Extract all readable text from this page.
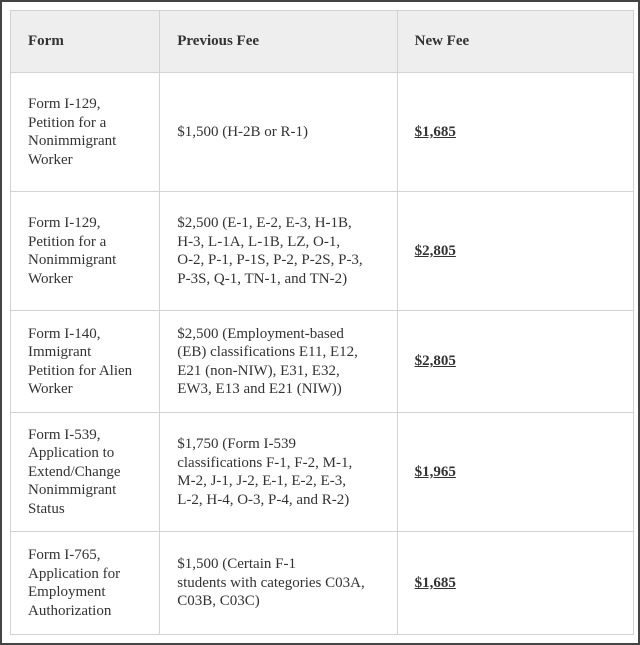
Form	Previous Fee	New Fee
Form I-129,
Petition for a
Nonimmigrant
Worker	$1,500 (H-2B or R-1)	$1,685
Form I-129,
Petition for a
Nonimmigrant
Worker	$2,500 (E-1, E-2, E-3, H-1B,
H-3, L-1A, L-1B, LZ, O-1,
O-2, P-1, P-1S, P-2, P-2S, P-3,
P-3S, Q-1, TN-1, and TN-2)	$2,805
Form I-140,
Immigrant
Petition for Alien
Worker	$2,500 (Employment-based
(EB) classifications E11, E12,
E21 (non-NIW), E31, E32,
EW3, E13 and E21 (NIW))	$2,805
Form I-539,
Application to
Extend/Change
Nonimmigrant
Status	$1,750 (Form I-539
classifications F-1, F-2, M-1,
M-2, J-1, J-2, E-1, E-2, E-3,
L-2, H-4, O-3, P-4, and R-2)	$1,965
Form I-765,
Application for
Employment
Authorization	$1,500 (Certain F-1
students with categories C03A,
C03B, C03C)	$1,685
